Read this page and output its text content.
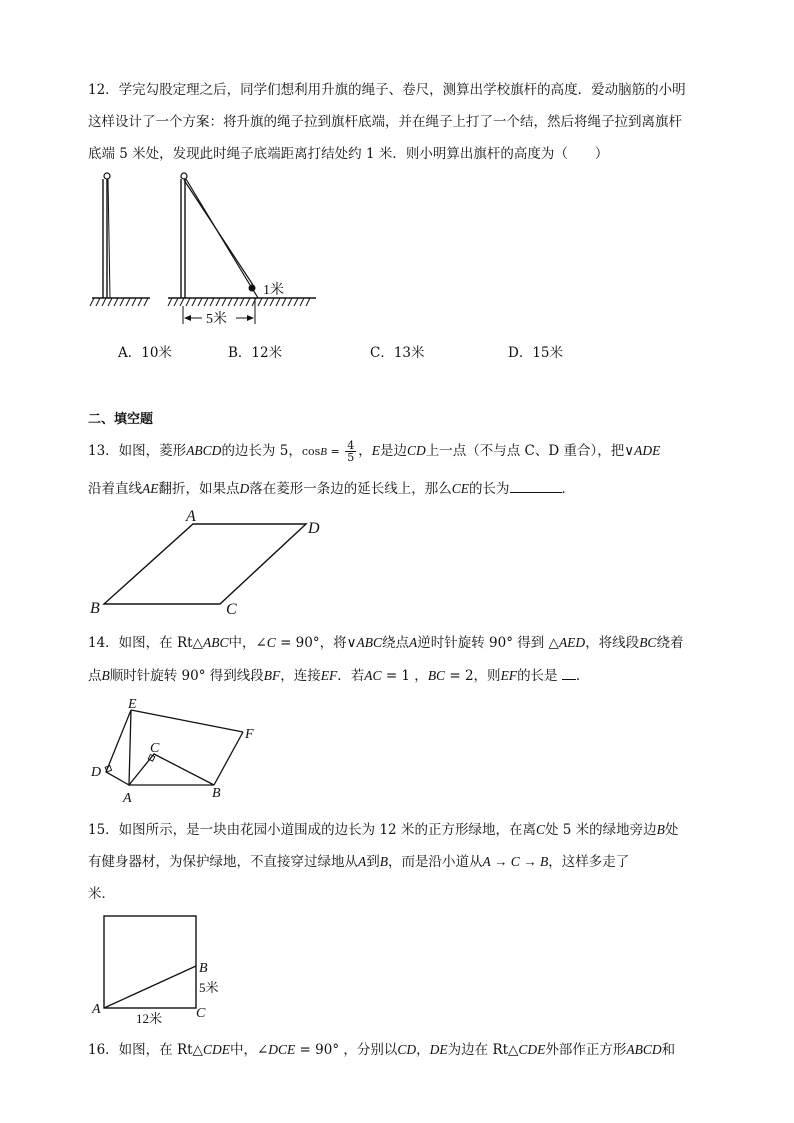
12．学完勾股定理之后，同学们想利用升旗的绳子、卷尺，测算出学校旗杆的高度．爱动脑筋的小明
这样设计了一个方案：将升旗的绳子拉到旗杆底端，并在绳子上打了一个结，然后将绳子拉到离旗杆
底端 5 米处，发现此时绳子底端距离打结处约 1 米．则小明算出旗杆的高度为（　　）
1米
5米
A．10米	B．12米	C．13米	D．15米
二、填空题
13．如图，菱形ABCD的边长为 5，$\cos B = \frac{4}{5}$ ，E是边CD上一点（不与点 C、D 重合），把∨ADE
沿着直线AE翻折，如果点D落在菱形一条边的延长线上，那么CE的长为	．
A
D
B	C
14．如图，在 Rt△ABC中，∠C = 90°，将∨ABC绕点A逆时针旋转 90° 得到 △AED，将线段BC绕着
点B顺时针旋转 90° 得到线段BF，连接EF．若AC = 1 ，BC = 2，则EF的长是 ．
E
F
C
D
A	B
15．如图所示，是一块由花园小道围成的边长为 12 米的正方形绿地，在离C处 5 米的绿地旁边B处
有健身器材，为保护绿地，不直接穿过绿地从A到B，而是沿小道从A → C → B，这样多走了
米．
B
5米
A
12米 C
16．如图，在 Rt△CDE中，∠DCE = 90° ，分别以CD，DE为边在 Rt△CDE外部作正方形ABCD和
